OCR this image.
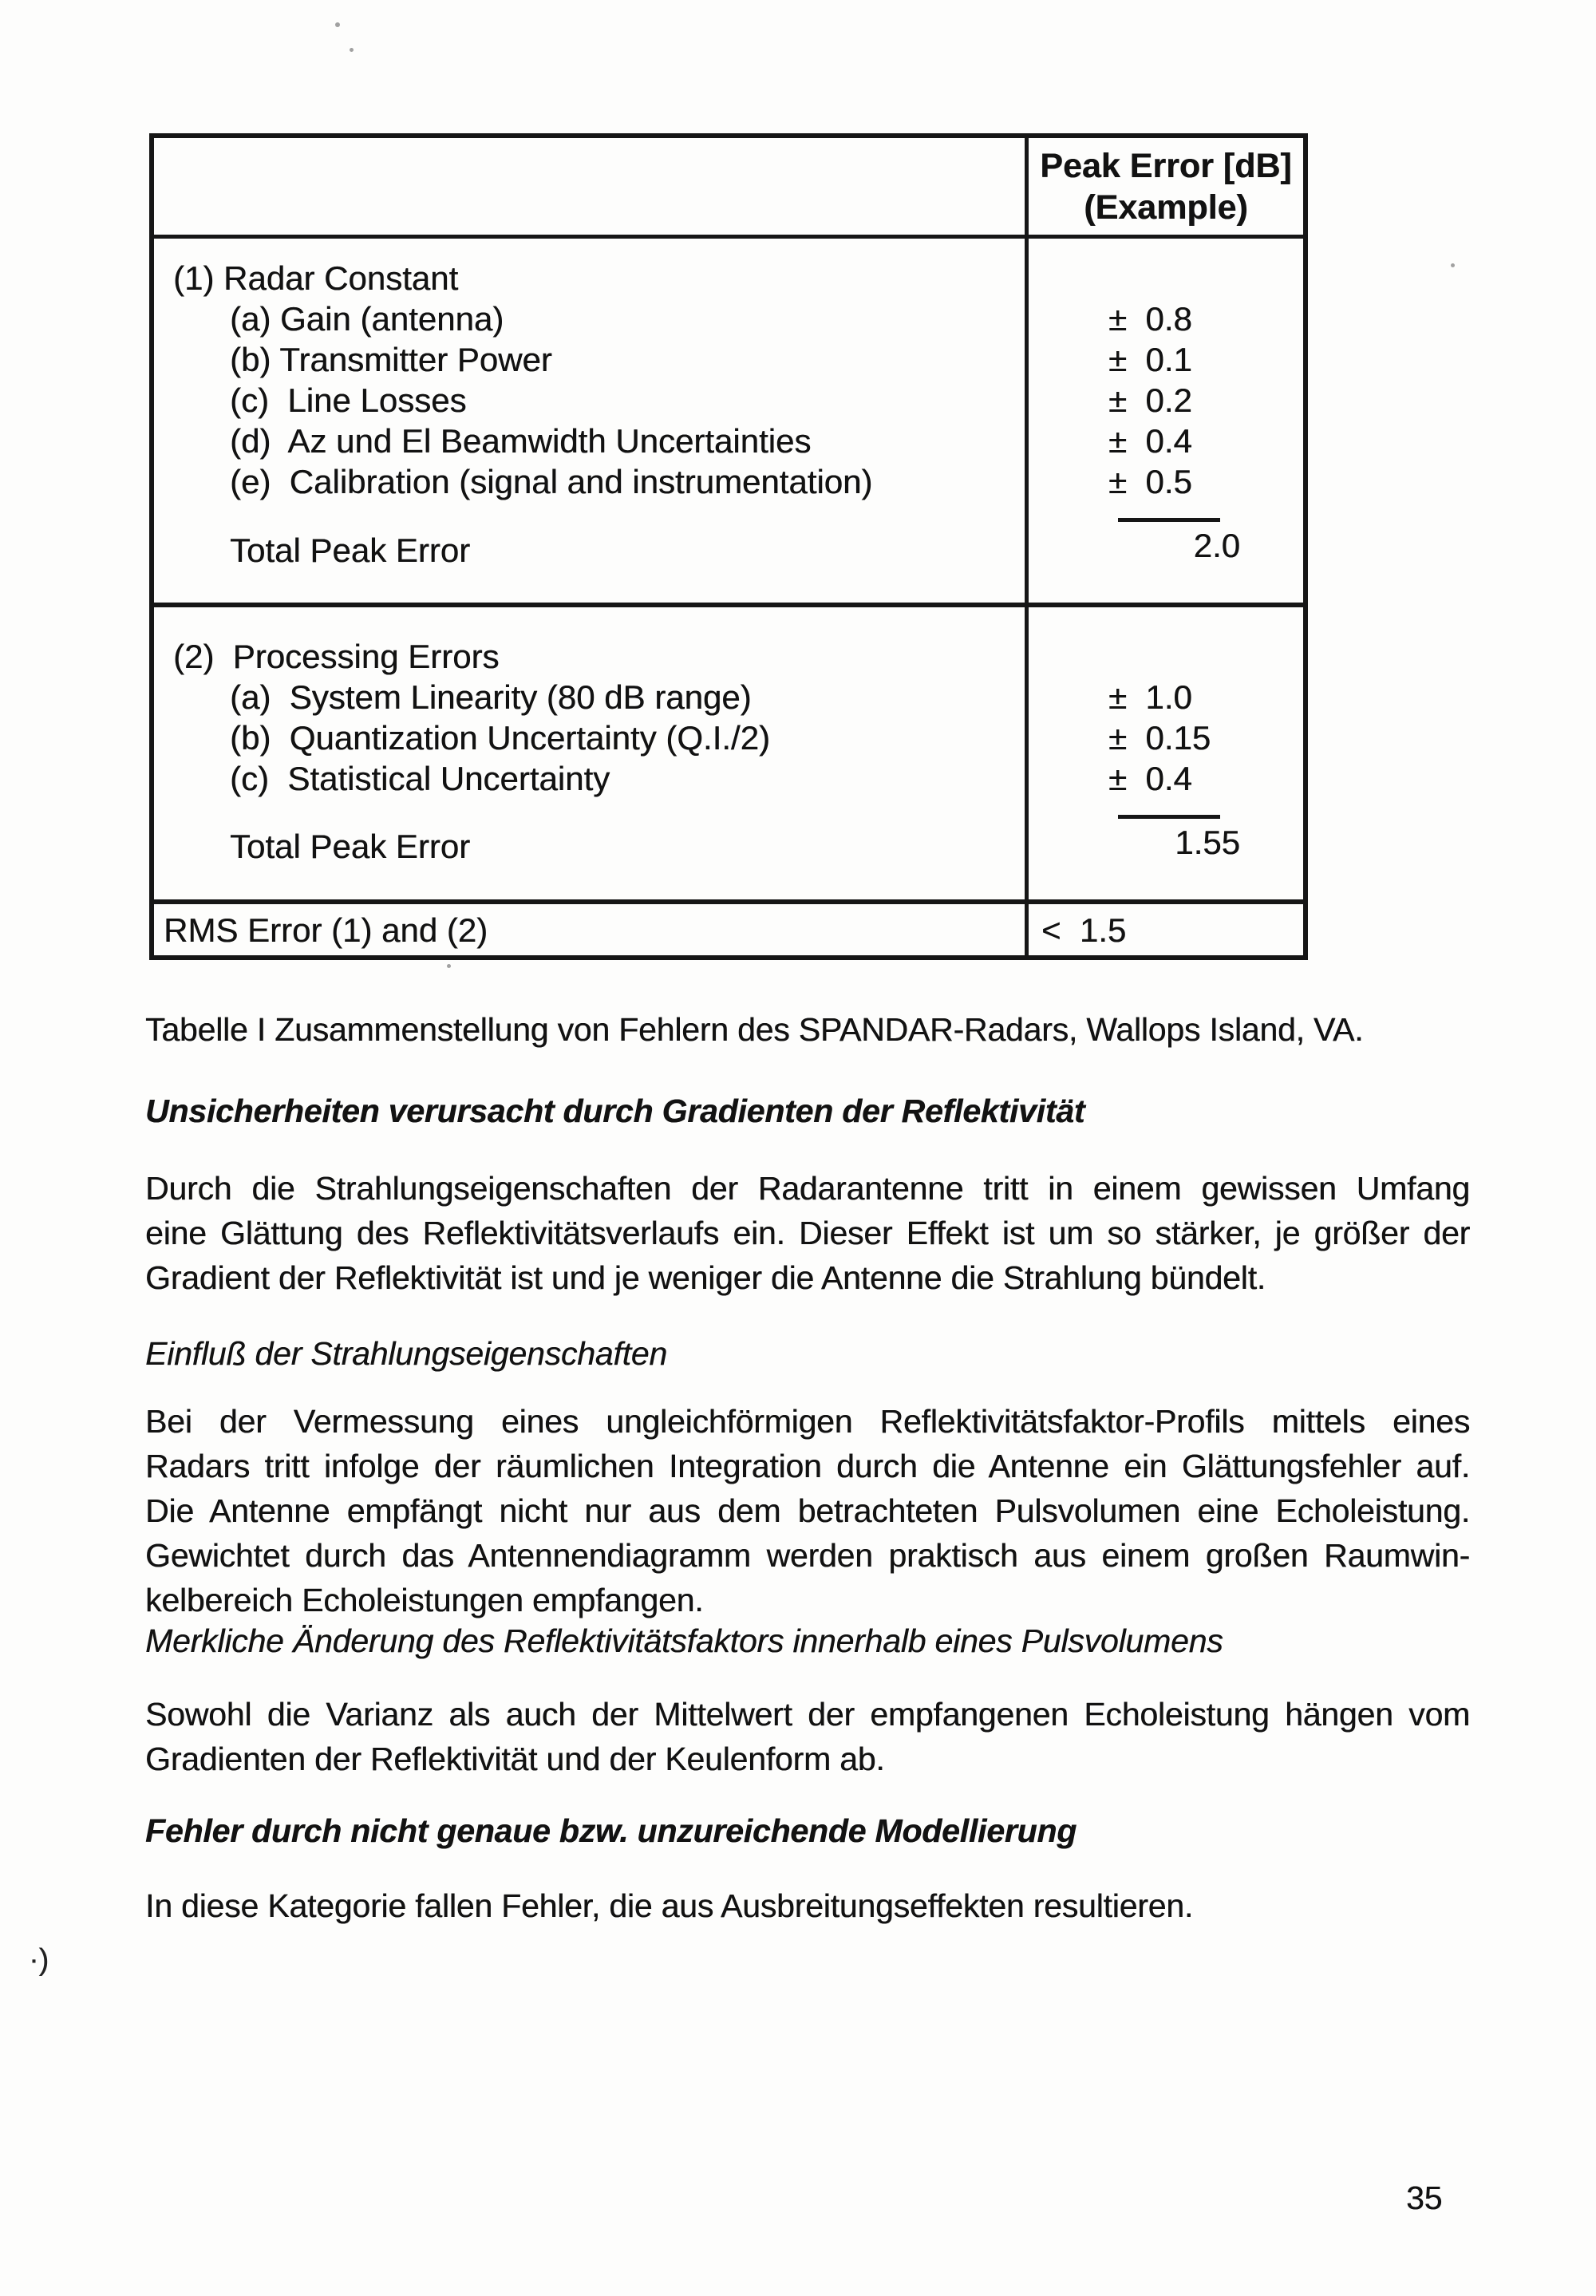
Peak Error [dB]
(Example)
(1) Radar Constant
(a) Gain (antenna)
(b) Transmitter Power
(c)  Line Losses
(d)  Az und El Beamwidth Uncertainties
(e)  Calibration (signal and instrumentation)
Total Peak Error
±  0.8
±  0.1
±  0.2
±  0.4
±  0.5
2.0
(2)  Processing Errors
(a)  System Linearity (80 dB range)
(b)  Quantization Uncertainty (Q.I./2)
(c)  Statistical Uncertainty
Total Peak Error
±  1.0
±  0.15
±  0.4
1.55
RMS Error (1) and (2)	<  1.5
Tabelle I Zusammenstellung von Fehlern des SPANDAR-Radars, Wallops Island, VA.
Unsicherheiten verursacht durch Gradienten der Reflektivität
Durch die Strahlungseigenschaften der Radarantenne tritt in einem gewissen Umfang
eine Glättung des Reflektivitätsverlaufs ein. Dieser Effekt ist um so stärker, je größer der
Gradient der Reflektivität ist und je weniger die Antenne die Strahlung bündelt.
Einfluß der Strahlungseigenschaften
Bei der Vermessung eines ungleichförmigen Reflektivitätsfaktor-Profils mittels eines
Radars tritt infolge der räumlichen Integration durch die Antenne ein Glättungsfehler auf.
Die Antenne empfängt nicht nur aus dem betrachteten Pulsvolumen eine Echoleistung.
Gewichtet durch das Antennendiagramm werden praktisch aus einem großen Raumwin-
kelbereich Echoleistungen empfangen.
Merkliche Änderung des Reflektivitätsfaktors innerhalb eines Pulsvolumens
Sowohl die Varianz als auch der Mittelwert der empfangenen Echoleistung hängen vom
Gradienten der Reflektivität und der Keulenform ab.
Fehler durch nicht genaue bzw. unzureichende Modellierung
In diese Kategorie fallen Fehler, die aus Ausbreitungseffekten resultieren.
·)
35
